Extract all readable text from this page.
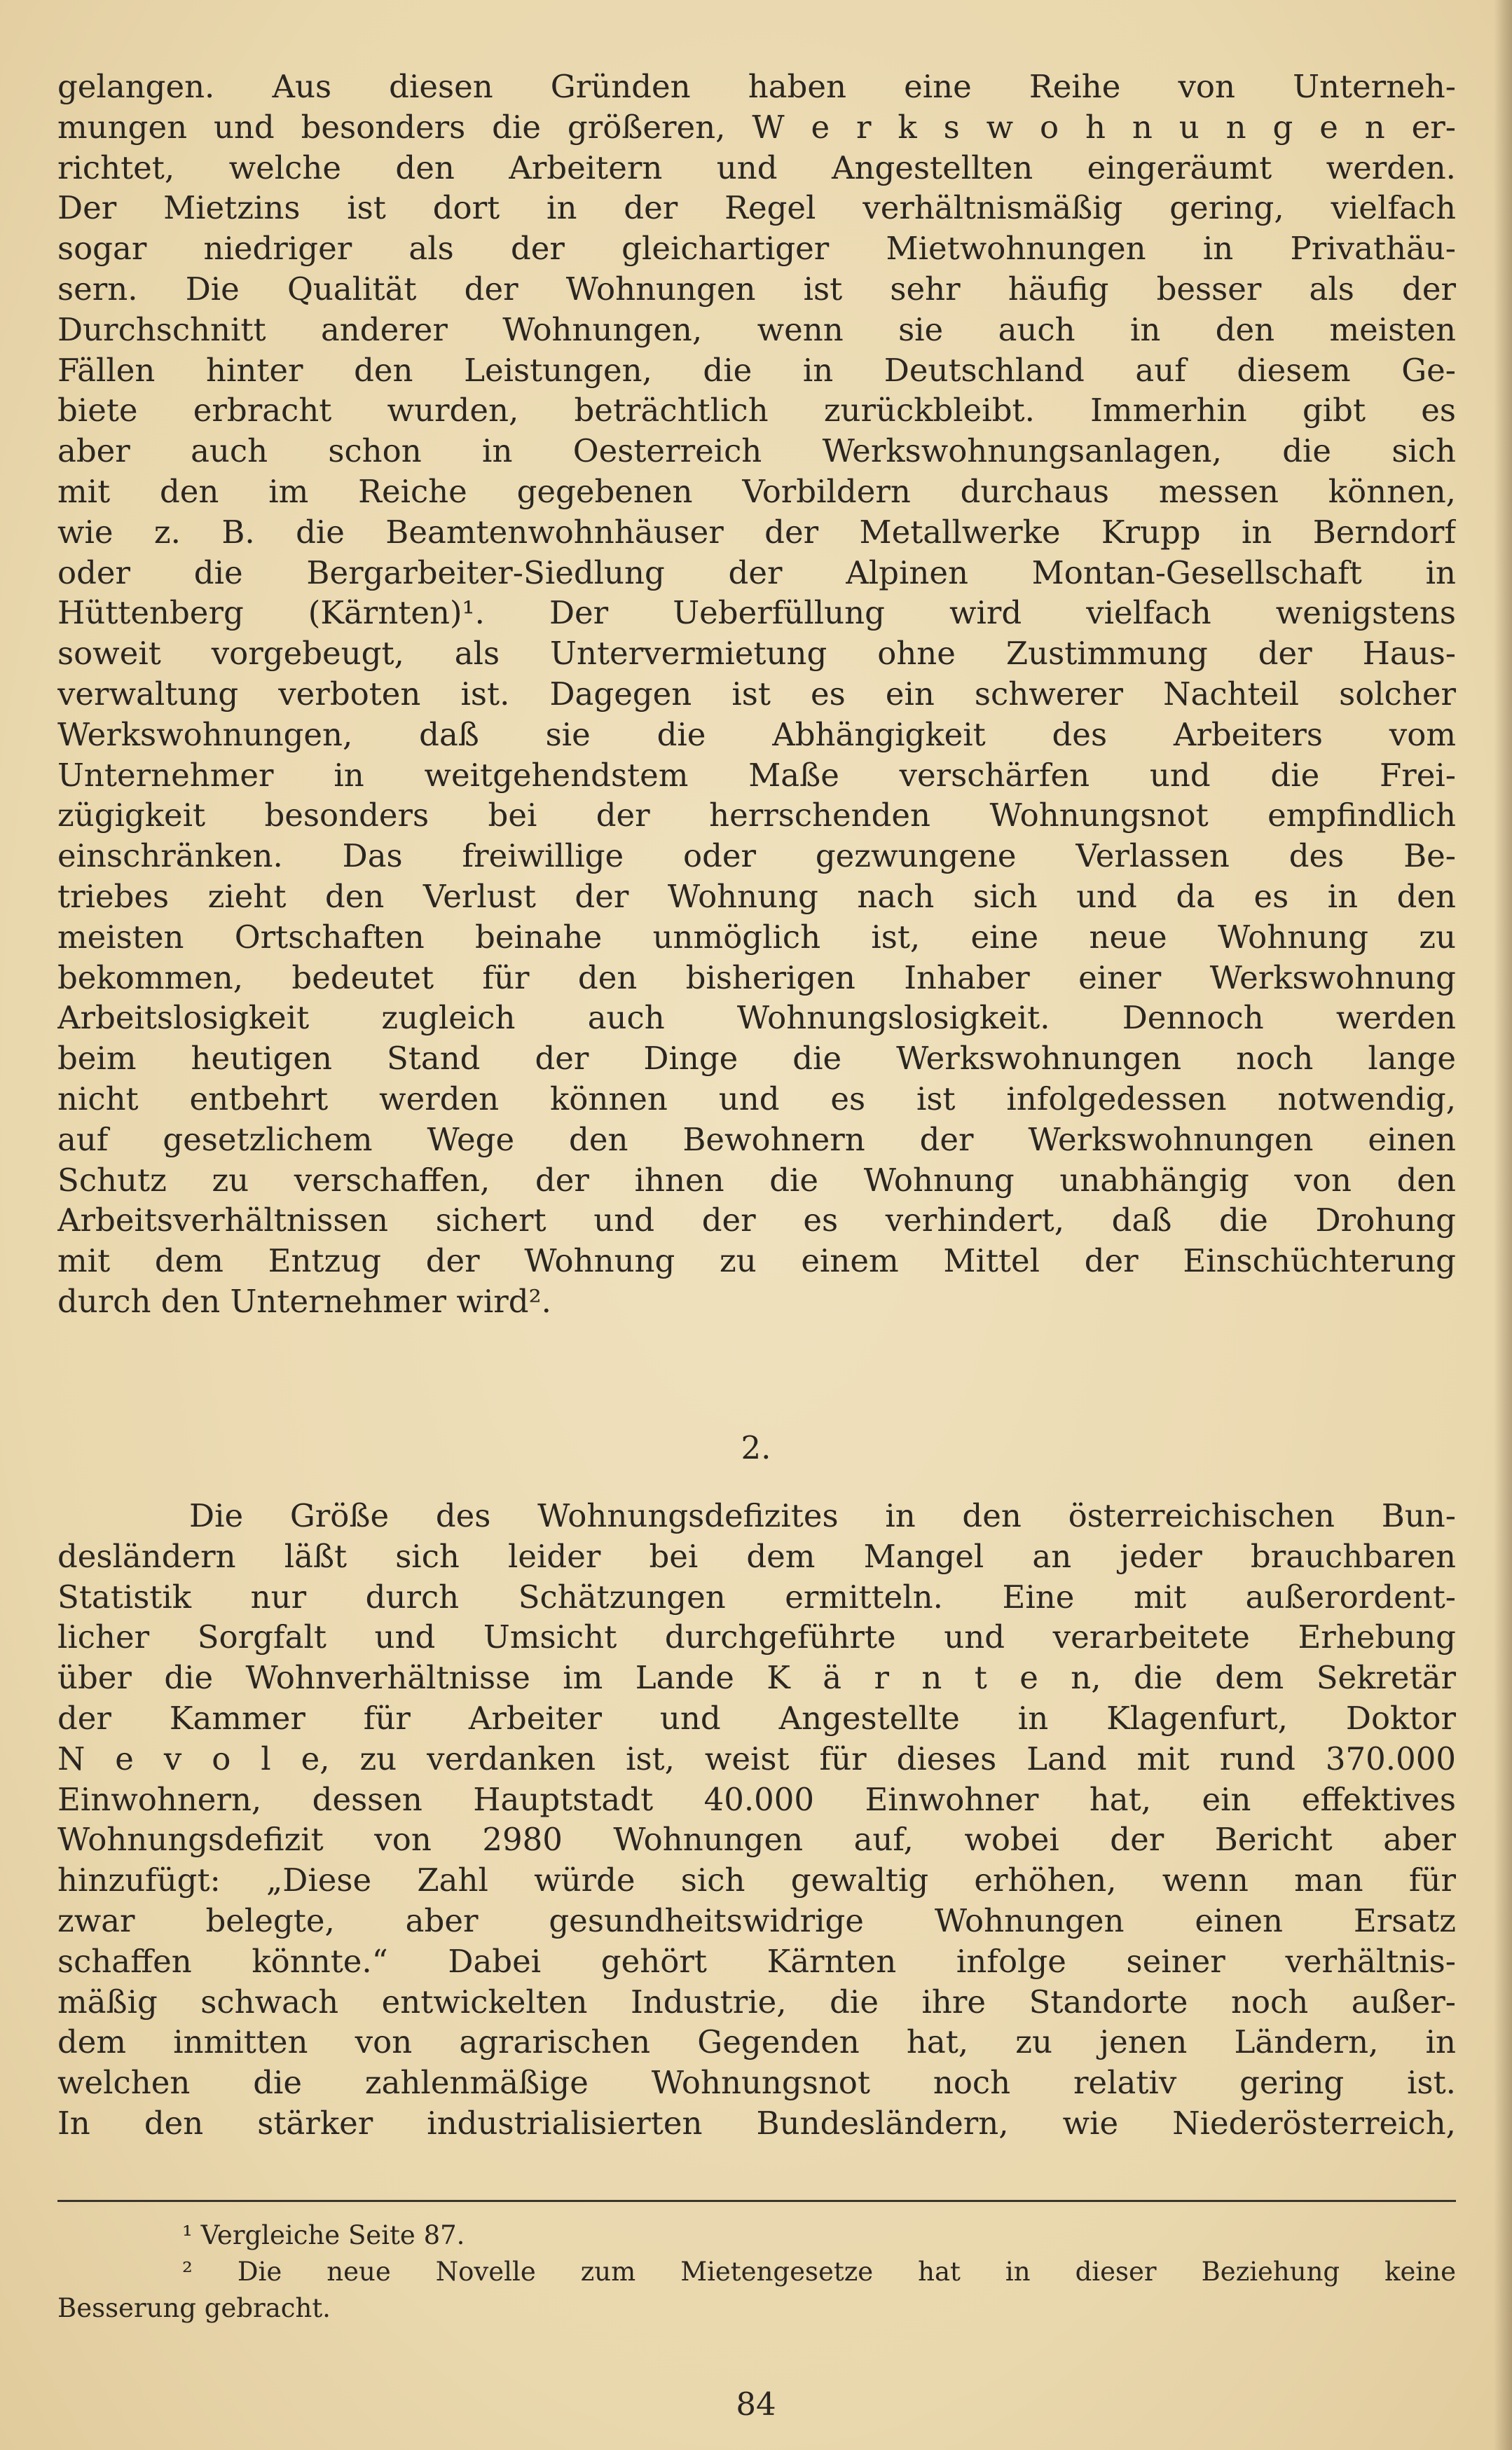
gelangen. Aus diesen Gründen haben eine Reihe von Unterneh-
mungen und besonders die größeren, W e r k s w o h n u n g e n er-
richtet, welche den Arbeitern und Angestellten eingeräumt werden.
Der Mietzins ist dort in der Regel verhältnismäßig gering, vielfach
sogar niedriger als der gleichartiger Mietwohnungen in Privathäu-
sern. Die Qualität der Wohnungen ist sehr häufig besser als der
Durchschnitt anderer Wohnungen, wenn sie auch in den meisten
Fällen hinter den Leistungen, die in Deutschland auf diesem Ge-
biete erbracht wurden, beträchtlich zurückbleibt. Immerhin gibt es
aber auch schon in Oesterreich Werkswohnungsanlagen, die sich
mit den im Reiche gegebenen Vorbildern durchaus messen können,
wie z. B. die Beamtenwohnhäuser der Metallwerke Krupp in Berndorf
oder die Bergarbeiter-Siedlung der Alpinen Montan-Gesellschaft in
Hüttenberg (Kärnten)¹. Der Ueberfüllung wird vielfach wenigstens
soweit vorgebeugt, als Untervermietung ohne Zustimmung der Haus-
verwaltung verboten ist. Dagegen ist es ein schwerer Nachteil solcher
Werkswohnungen, daß sie die Abhängigkeit des Arbeiters vom
Unternehmer in weitgehendstem Maße verschärfen und die Frei-
zügigkeit besonders bei der herrschenden Wohnungsnot empfindlich
einschränken. Das freiwillige oder gezwungene Verlassen des Be-
triebes zieht den Verlust der Wohnung nach sich und da es in den
meisten Ortschaften beinahe unmöglich ist, eine neue Wohnung zu
bekommen, bedeutet für den bisherigen Inhaber einer Werkswohnung
Arbeitslosigkeit zugleich auch Wohnungslosigkeit. Dennoch werden
beim heutigen Stand der Dinge die Werkswohnungen noch lange
nicht entbehrt werden können und es ist infolgedessen notwendig,
auf gesetzlichem Wege den Bewohnern der Werkswohnungen einen
Schutz zu verschaffen, der ihnen die Wohnung unabhängig von den
Arbeitsverhältnissen sichert und der es verhindert, daß die Drohung
mit dem Entzug der Wohnung zu einem Mittel der Einschüchterung
durch den Unternehmer wird².
2.
Die Größe des Wohnungsdefizites in den österreichischen Bun-
desländern läßt sich leider bei dem Mangel an jeder brauchbaren
Statistik nur durch Schätzungen ermitteln. Eine mit außerordent-
licher Sorgfalt und Umsicht durchgeführte und verarbeitete Erhebung
über die Wohnverhältnisse im Lande K ä r n t e n, die dem Sekretär
der Kammer für Arbeiter und Angestellte in Klagenfurt, Doktor
N e v o l e, zu verdanken ist, weist für dieses Land mit rund 370.000
Einwohnern, dessen Hauptstadt 40.000 Einwohner hat, ein effektives
Wohnungsdefizit von 2980 Wohnungen auf, wobei der Bericht aber
hinzufügt: „Diese Zahl würde sich gewaltig erhöhen, wenn man für
zwar belegte, aber gesundheitswidrige Wohnungen einen Ersatz
schaffen könnte.“ Dabei gehört Kärnten infolge seiner verhältnis-
mäßig schwach entwickelten Industrie, die ihre Standorte noch außer-
dem inmitten von agrarischen Gegenden hat, zu jenen Ländern, in
welchen die zahlenmäßige Wohnungsnot noch relativ gering ist.
In den stärker industrialisierten Bundesländern, wie Niederösterreich,
¹ Vergleiche Seite 87.
² Die neue Novelle zum Mietengesetze hat in dieser Beziehung keine
Besserung gebracht.
84
